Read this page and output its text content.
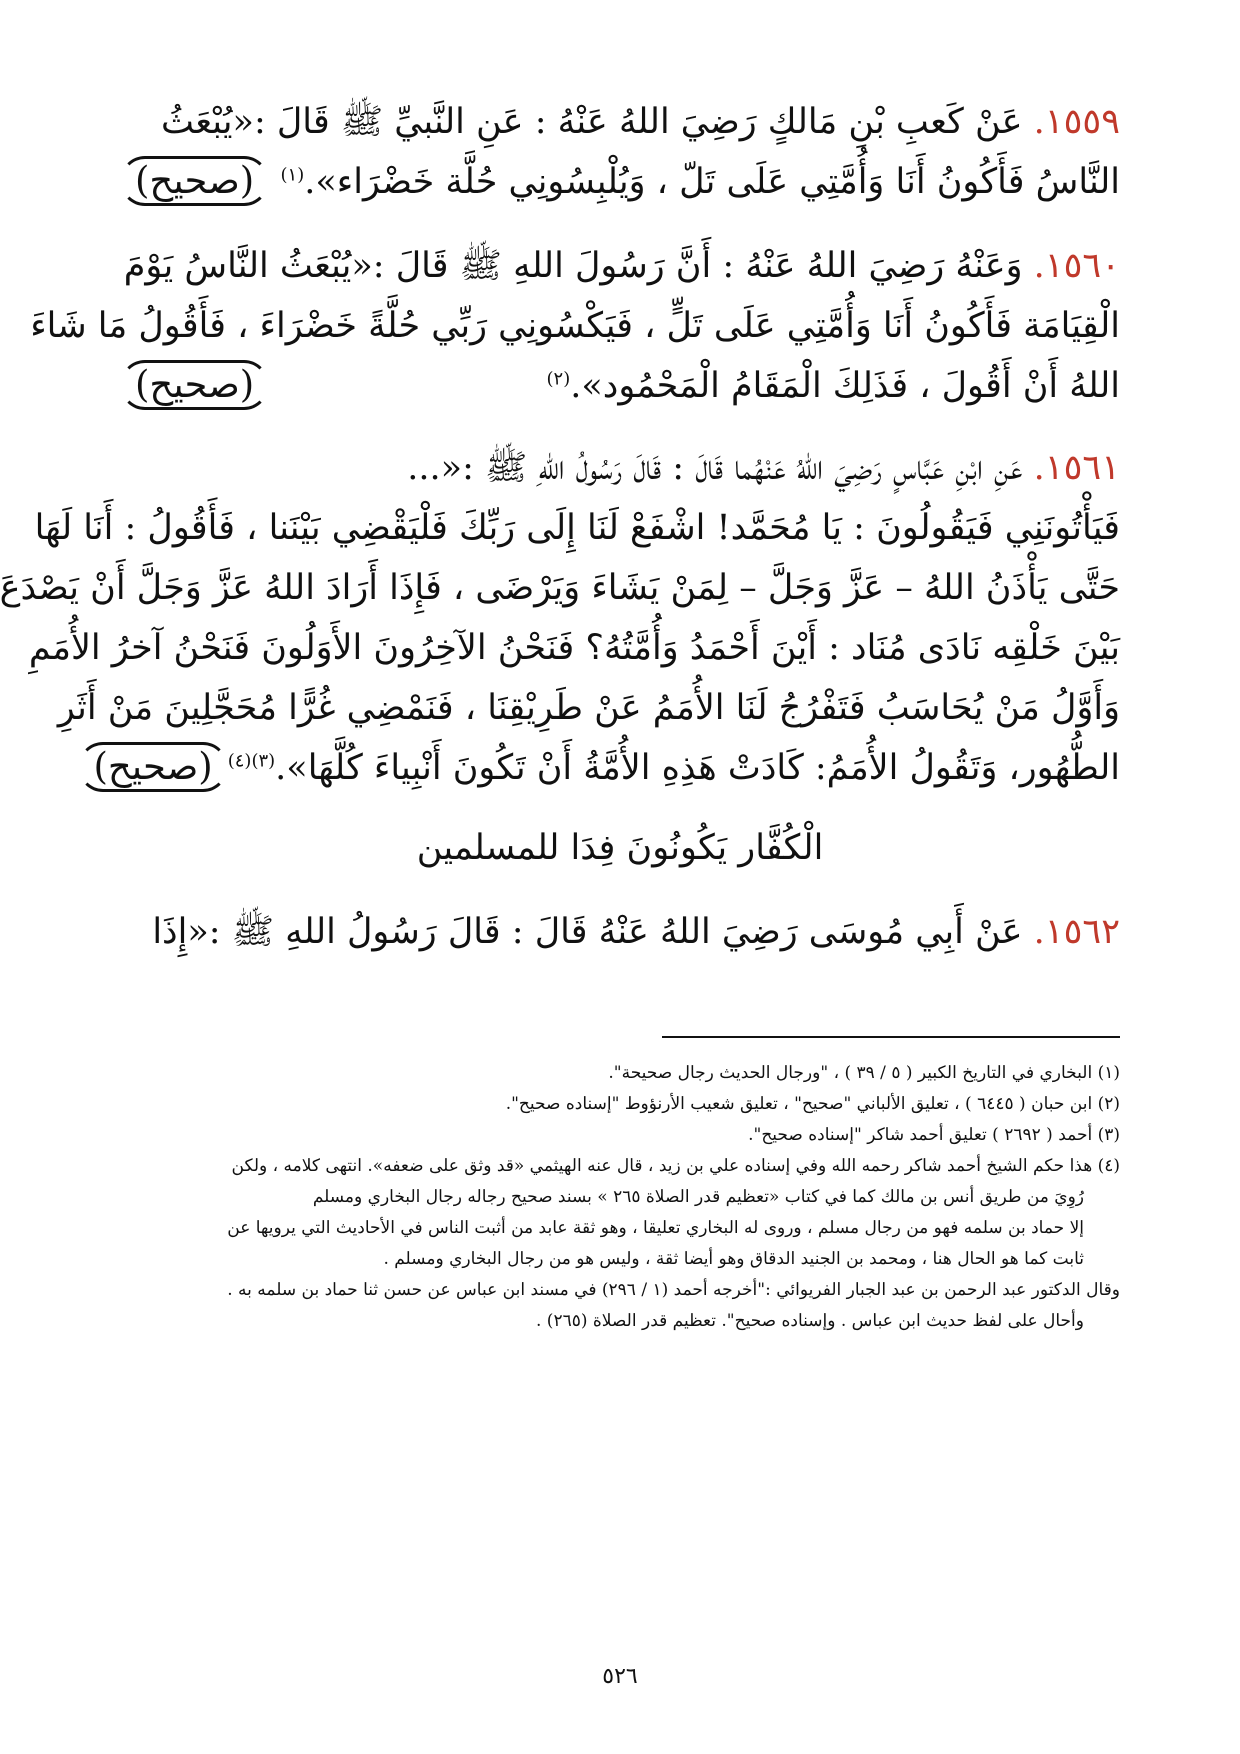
١٥٥٩. عَنْ كَعبِ بْنِ مَالكٍ رَضِيَ اللهُ عَنْهُ : عَنِ النَّبيِّ ﷺ قَالَ :«يُبْعَثُ
النَّاسُ فَأَكُونُ أَنَا وَأُمَّتِي عَلَى تَلّ ، وَيُلْبِسُونِي حُلَّة خَضْرَاء».$^{(١)}$
(صحيح)
١٥٦٠. وَعَنْهُ رَضِيَ اللهُ عَنْهُ : أَنَّ رَسُولَ اللهِ ﷺ قَالَ :«يُبْعَثُ النَّاسُ يَوْمَ
الْقِيَامَة فَأَكُونُ أَنَا وَأُمَّتِي عَلَى تَلٍّ ، فَيَكْسُونِي رَبِّي حُلَّةً خَضْرَاءَ ، فَأَقُولُ مَا شَاءَ
اللهُ أَنْ أَقُولَ ، فَذَلِكَ الْمَقَامُ الْمَحْمُود».$^{(٢)}$
(صحيح)
١٥٦١. عَنِ ابْنِ عَبَّاسٍ رَضِيَ اللهُ عَنْهُما قَالَ : قَالَ رَسُولُ اللهِ ﷺ :«...
فَيَأْتُونَنِي فَيَقُولُونَ : يَا مُحَمَّد! اشْفَعْ لَنَا إِلَى رَبِّكَ فَلْيَقْضِي بَيْنَنا ، فَأَقُولُ : أَنَا لَهَا
حَتَّى يَأْذَنُ اللهُ – عَزَّ وَجَلَّ – لِمَنْ يَشَاءَ وَيَرْضَى ، فَإِذَا أَرَادَ اللهُ عَزَّ وَجَلَّ أَنْ يَصْدَعَ
بَيْنَ خَلْقِه نَادَى مُنَاد : أَيْنَ أَحْمَدُ وَأُمَّتُهُ؟ فَنَحْنُ الآخِرُونَ الأَوَلُونَ فَنَحْنُ آخرُ الأُمَمِ
وَأَوَّلُ مَنْ يُحَاسَبُ فَتَفْرُجُ لَنَا الأُمَمُ عَنْ طَرِيْقِنَا ، فَنَمْضِي غُرًّا مُحَجَّلِينَ مَنْ أَثَرِ
الطُّهُور، وَتَقُولُ الأُمَمُ: كَادَتْ هَذِهِ الأُمَّةُ أَنْ تَكُونَ أَنْبِياءَ كُلَّهَا».$^{(٣)}$
$^{(٤)}$(صحيح)
الْكُفَّار يَكُونُونَ فِدَا للمسلمين
١٥٦٢. عَنْ أَبِي مُوسَى رَضِيَ اللهُ عَنْهُ قَالَ : قَالَ رَسُولُ اللهِ ﷺ :«إِذَا

(١) البخاري في التاريخ الكبير ( ٥ / ٣٩ ) ، "ورجال الحديث رجال صحيحة".

(٢) ابن حبان ( ٦٤٤٥ ) ، تعليق الألباني "صحيح" ، تعليق شعيب الأرنؤوط "إسناده صحيح".

(٣) أحمد ( ٢٦٩٢ ) تعليق أحمد شاكر "إسناده صحيح".

(٤) هذا حكم الشيخ أحمد شاكر رحمه الله وفي إسناده علي بن زيد ، قال عنه الهيثمي «قد وثق على ضعفه». انتهى كلامه ، ولكن
رُوِيَ من طريق أنس بن مالك كما في كتاب «تعظيم قدر الصلاة ٢٦٥ » بسند صحيح رجاله رجال البخاري ومسلم
إلا حماد بن سلمه فهو من رجال مسلم ، وروى له البخاري تعليقا ، وهو ثقة عابد من أثبت الناس في الأحاديث التي يرويها عن
ثابت كما هو الحال هنا ، ومحمد بن الجنيد الدقاق وهو أيضا ثقة ، وليس هو من رجال البخاري ومسلم .

وقال الدكتور عبد الرحمن بن عبد الجبار الفريوائي :"أخرجه أحمد (١ / ٢٩٦) في مسند ابن عباس عن حسن ثنا حماد بن سلمه به .
وأحال على لفظ حديث ابن عباس . وإسناده صحيح". تعظيم قدر الصلاة (٢٦٥) .

٥٢٦
